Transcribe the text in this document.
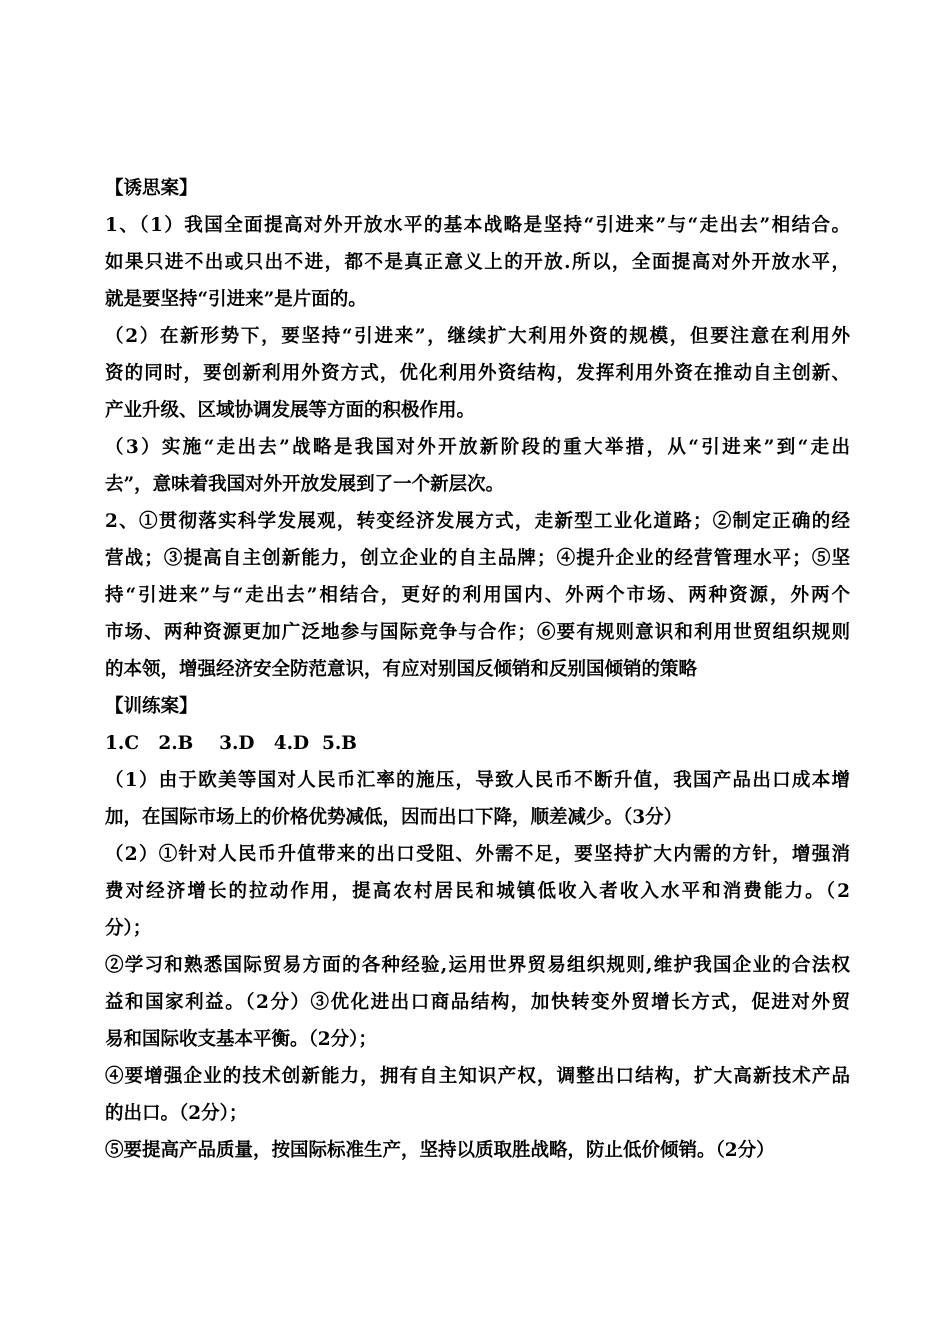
【诱思案】
1、（1）我国全面提高对外开放水平的基本战略是坚持“引进来”与“走出去”相结合。
如果只进不出或只出不进，都不是真正意义上的开放.所以，全面提高对外开放水平，
就是要坚持“引进来”是片面的。
（2）在新形势下，要坚持“引进来”，继续扩大利用外资的规模，但要注意在利用外
资的同时，要创新利用外资方式，优化利用外资结构，发挥利用外资在推动自主创新、
产业升级、区域协调发展等方面的积极作用。
（3）实施“走出去”战略是我国对外开放新阶段的重大举措，从“引进来”到“走出
去”，意味着我国对外开放发展到了一个新层次。
2、①贯彻落实科学发展观，转变经济发展方式，走新型工业化道路；②制定正确的经
营战；③提高自主创新能力，创立企业的自主品牌；④提升企业的经营管理水平；⑤坚
持“引进来”与“走出去”相结合，更好的利用国内、外两个市场、两种资源，外两个
市场、两种资源更加广泛地参与国际竞争与合作；⑥要有规则意识和利用世贸组织规则
的本领，增强经济安全防范意识，有应对别国反倾销和反别国倾销的策略
【训练案】
1.C   2.B    3.D   4.D  5.B
（1）由于欧美等国对人民币汇率的施压，导致人民币不断升值，我国产品出口成本增
加，在国际市场上的价格优势减低，因而出口下降，顺差减少。（3分）
（2）①针对人民币升值带来的出口受阻、外需不足，要坚持扩大内需的方针，增强消
费对经济增长的拉动作用，提高农村居民和城镇低收入者收入水平和消费能力。（2
分）；
②学习和熟悉国际贸易方面的各种经验,运用世界贸易组织规则,维护我国企业的合法权
益和国家利益。（2分）③优化进出口商品结构，加快转变外贸增长方式，促进对外贸
易和国际收支基本平衡。（2分）；
④要增强企业的技术创新能力，拥有自主知识产权，调整出口结构，扩大高新技术产品
的出口。（2分）；
⑤要提高产品质量，按国际标准生产，坚持以质取胜战略，防止低价倾销。（2分）
